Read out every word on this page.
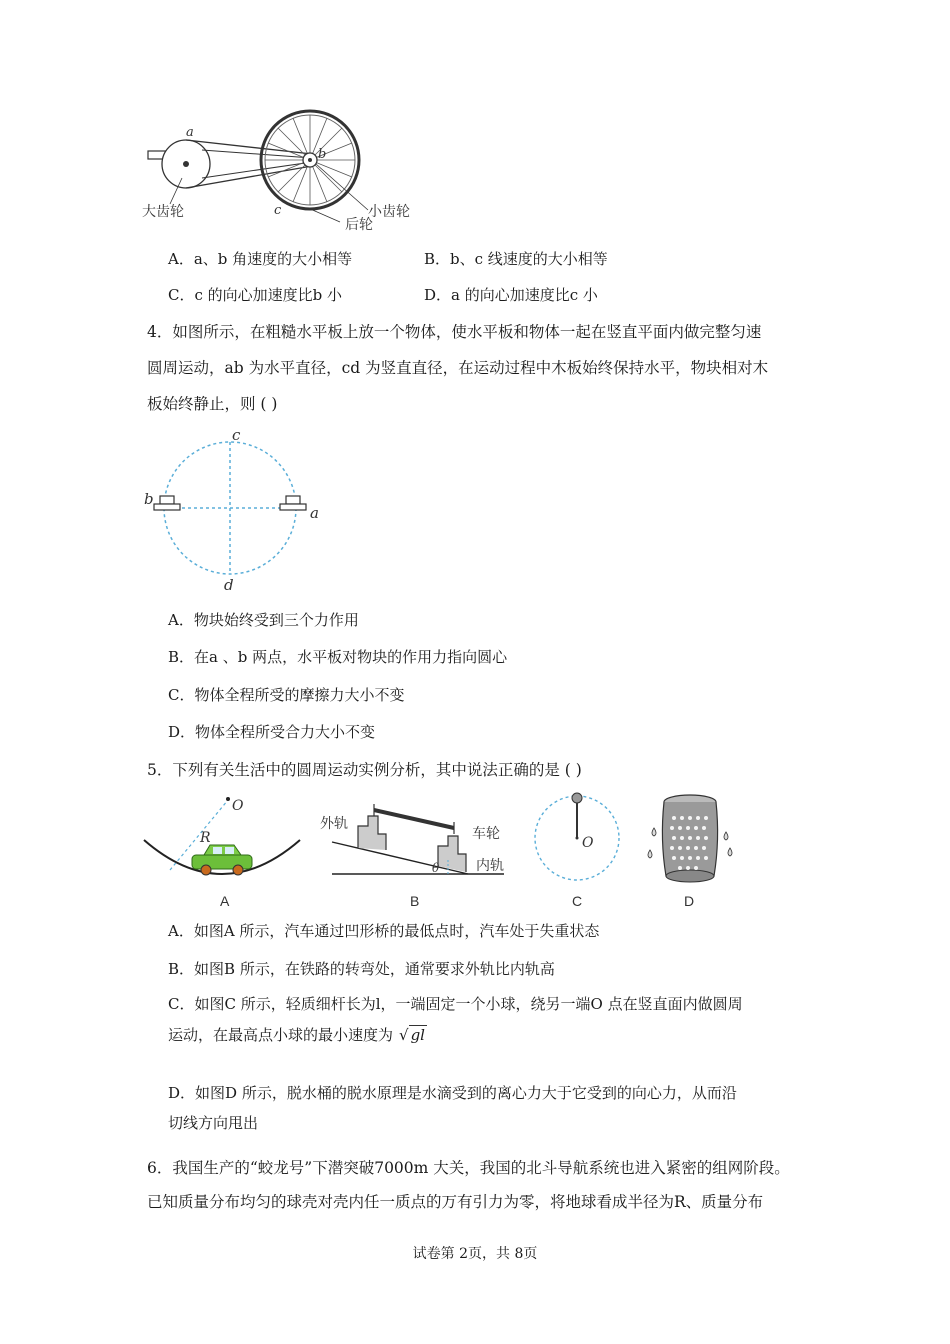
a
b
c
大齿轮	小齿轮
后轮
A．a、b 角速度的大小相等	B．b、c 线速度的大小相等
C．c 的向心加速度比b 小	D．a 的向心加速度比c 小
4．如图所示，在粗糙水平板上放一个物体，使水平板和物体一起在竖直平面内做完整匀速
圆周运动，ab 为水平直径，cd 为竖直直径，在运动过程中木板始终保持水平，物块相对木
板始终静止，则 ( )
c
b
a
d
A．物块始终受到三个力作用
B．在a 、b 两点，水平板对物块的作用力指向圆心
C．物体全程所受的摩擦力大小不变
D．物体全程所受合力大小不变
5．下列有关生活中的圆周运动实例分析，其中说法正确的是 ( )
O
R
A
θ
外轨
车轮
内轨
B
O
C	D
A．如图A 所示，汽车通过凹形桥的最低点时，汽车处于失重状态
B．如图B 所示，在铁路的转弯处，通常要求外轨比内轨高
C．如图C 所示，轻质细杆长为l，一端固定一个小球，绕另一端O 点在竖直面内做圆周
运动，在最高点小球的最小速度为 √ gl
D．如图D 所示，脱水桶的脱水原理是水滴受到的离心力大于它受到的向心力，从而沿
切线方向甩出
6．我国生产的“蛟龙号”下潜突破7000m 大关，我国的北斗导航系统也进入紧密的组网阶段。
已知质量分布均匀的球壳对壳内任一质点的万有引力为零，将地球看成半径为R、质量分布
试卷第 2页，共 8页
